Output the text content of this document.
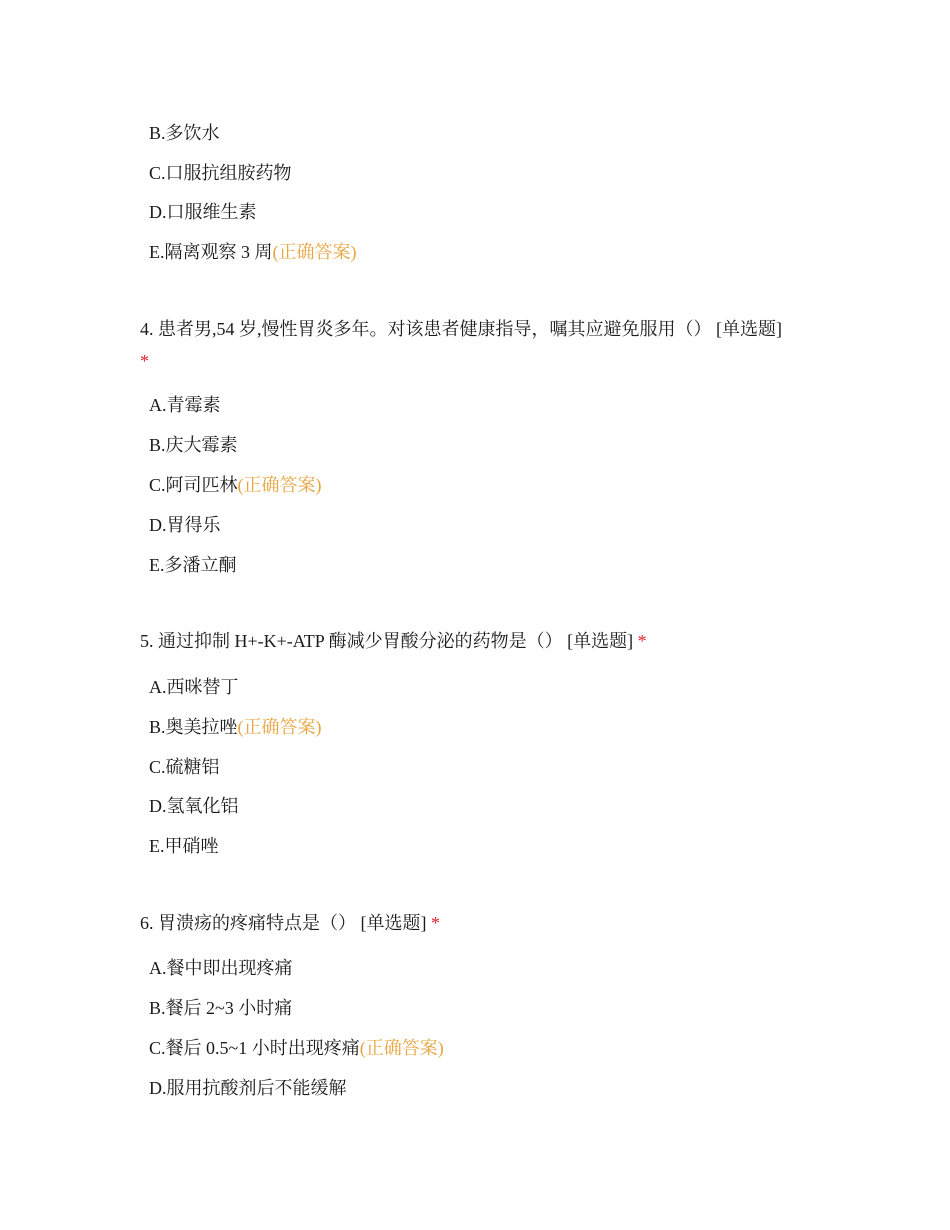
B.多饮水
C.口服抗组胺药物
D.口服维生素
E.隔离观察 3 周(正确答案)
4. 患者男,54 岁,慢性胃炎多年。对该患者健康指导，嘱其应避免服用（） [单选题]
*
A.青霉素
B.庆大霉素
C.阿司匹林(正确答案)
D.胃得乐
E.多潘立酮
5. 通过抑制 H+-K+-ATP 酶减少胃酸分泌的药物是（） [单选题] *
A.西咪替丁
B.奥美拉唑(正确答案)
C.硫糖铝
D.氢氧化铝
E.甲硝唑
6. 胃溃疡的疼痛特点是（） [单选题] *
A.餐中即出现疼痛
B.餐后 2~3 小时痛
C.餐后 0.5~1 小时出现疼痛(正确答案)
D.服用抗酸剂后不能缓解
